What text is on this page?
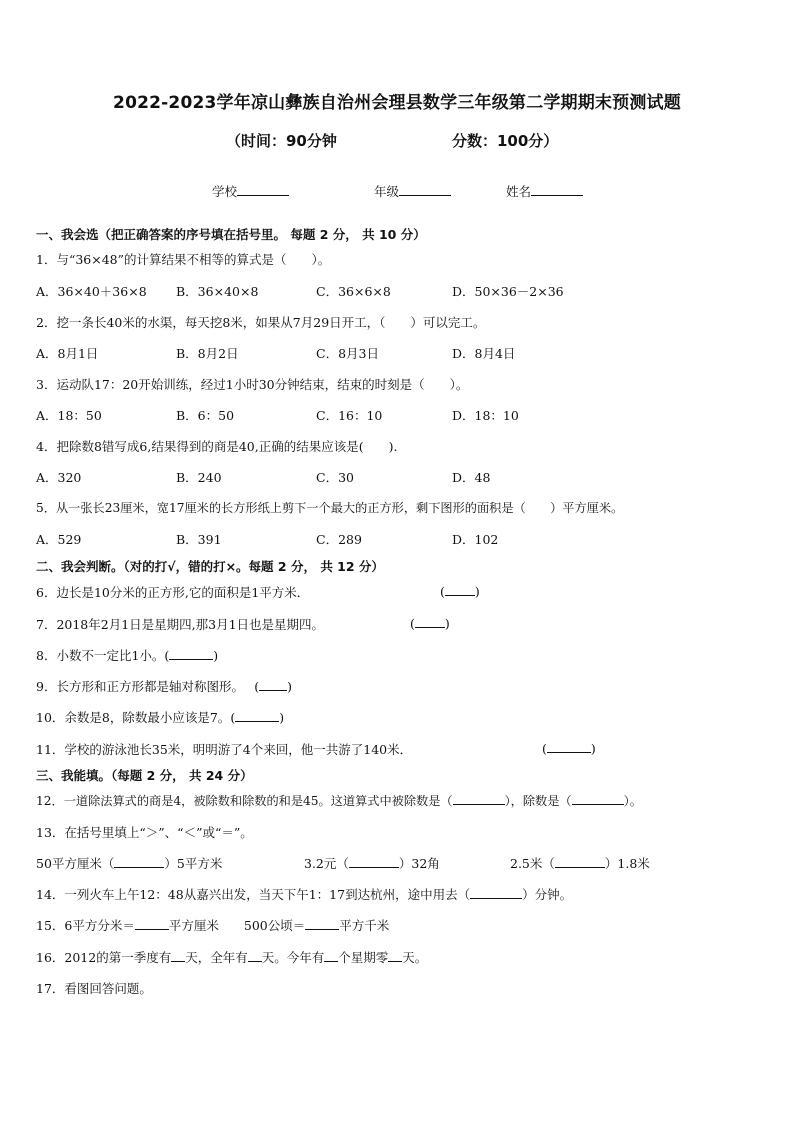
2022-2023学年凉山彝族自治州会理县数学三年级第二学期期末预测试题
（时间：90分钟	分数：100分）
学校	年级	姓名
一、我会选（把正确答案的序号填在括号里。 每题 2 分， 共 10 分）
1．与“36×48”的计算结果不相等的算式是（　　）。
A．36×40＋36×8 B．36×40×8	C．36×6×8	D．50×36－2×36
2．挖一条长40米的水渠，每天挖8米，如果从7月29日开工，（　　）可以完工。
A．8月1日	B．8月2日	C．8月3日	D．8月4日
3．运动队17：20开始训练，经过1小时30分钟结束，结束的时刻是（　　）。
A．18：50	B．6：50	C．16：10	D．18：10
4．把除数8错写成6,结果得到的商是40,正确的结果应该是(　　).
A．320	B．240	C．30	D．48
5．从一张长23厘米，宽17厘米的长方形纸上剪下一个最大的正方形，剩下图形的面积是（　　）平方厘米。
A．529	B．391	C．289	D．102
二、我会判断。（对的打√，错的打×。每题 2 分， 共 12 分）
6．边长是10分米的正方形,它的面积是1平方米．	( )
7．2018年2月1日是星期四,那3月1日也是星期四。	( )
8．小数不一定比1小。(	)
9．长方形和正方形都是轴对称图形。　 ( )
10．余数是8，除数最小应该是7。(	)
11．学校的游泳池长35米，明明游了4个来回，他一共游了140米．	(	)
三、我能填。（每题 2 分， 共 24 分）
12．一道除法算式的商是4，被除数和除数的和是45。这道算式中被除数是（	），除数是（	）。
13．在括号里填上“＞”、“＜”或“＝”。
50平方厘米（	）5平方米	3.2元（	）32角	2.5米（	）1.8米
14．一列火车上午12：48从嘉兴出发，当天下午1：17到达杭州，途中用去（	）分钟。
15．6平方分米＝	平方厘米　　 500公顷＝	平方千米
16．2012的第一季度有 天，全年有 天。今年有 个星期零 天。
17．看图回答问题。
